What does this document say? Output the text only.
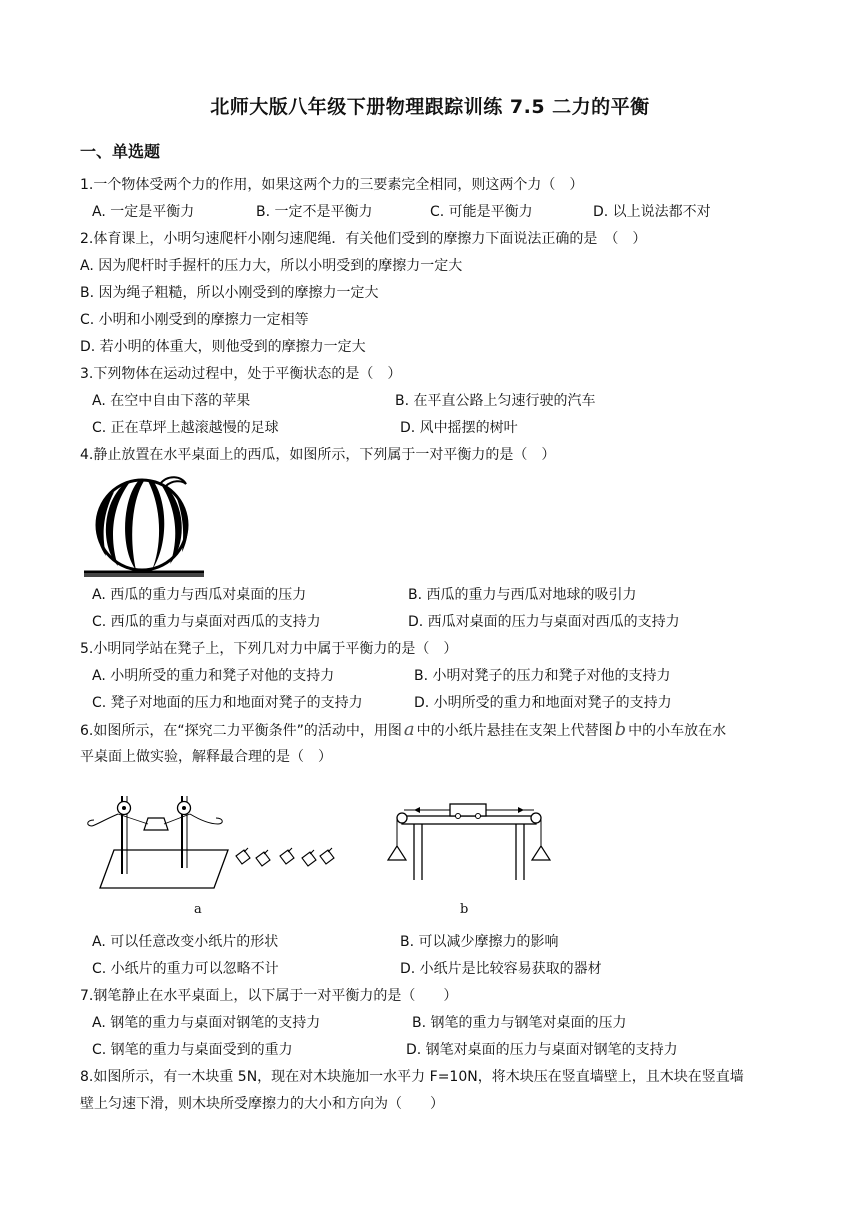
北师大版八年级下册物理跟踪训练 7.5 二力的平衡
一、单选题
1.一个物体受两个力的作用，如果这两个力的三要素完全相同，则这两个力（　）
A. 一定是平衡力	B. 一定不是平衡力	C. 可能是平衡力	D. 以上说法都不对
2.体育课上，小明匀速爬杆小刚匀速爬绳．有关他们受到的摩擦力下面说法正确的是　（　）
A. 因为爬杆时手握杆的压力大，所以小明受到的摩擦力一定大
B. 因为绳子粗糙，所以小刚受到的摩擦力一定大
C. 小明和小刚受到的摩擦力一定相等
D. 若小明的体重大，则他受到的摩擦力一定大
3.下列物体在运动过程中，处于平衡状态的是（　）
A. 在空中自由下落的苹果	B. 在平直公路上匀速行驶的汽车
C. 正在草坪上越滚越慢的足球	D. 风中摇摆的树叶
4.静止放置在水平桌面上的西瓜，如图所示，下列属于一对平衡力的是（　）
A. 西瓜的重力与西瓜对桌面的压力	B. 西瓜的重力与西瓜对地球的吸引力
C. 西瓜的重力与桌面对西瓜的支持力	D. 西瓜对桌面的压力与桌面对西瓜的支持力
5.小明同学站在凳子上，下列几对力中属于平衡力的是（　）
A. 小明所受的重力和凳子对他的支持力	B. 小明对凳子的压力和凳子对他的支持力
C. 凳子对地面的压力和地面对凳子的支持力	D. 小明所受的重力和地面对凳子的支持力
6.如图所示，在“探究二力平衡条件”的活动中，用图 a 中的小纸片悬挂在支架上代替图 b 中的小车放在水
平桌面上做实验，解释最合理的是（　）
a	b
A. 可以任意改变小纸片的形状	B. 可以减少摩擦力的影响
C. 小纸片的重力可以忽略不计	D. 小纸片是比较容易获取的器材
7.钢笔静止在水平桌面上，以下属于一对平衡力的是（　　）
A. 钢笔的重力与桌面对钢笔的支持力	B. 钢笔的重力与钢笔对桌面的压力
C. 钢笔的重力与桌面受到的重力	D. 钢笔对桌面的压力与桌面对钢笔的支持力
8.如图所示，有一木块重 5N，现在对木块施加一水平力 F=10N，将木块压在竖直墙壁上，且木块在竖直墙
壁上匀速下滑，则木块所受摩擦力的大小和方向为（　　）
